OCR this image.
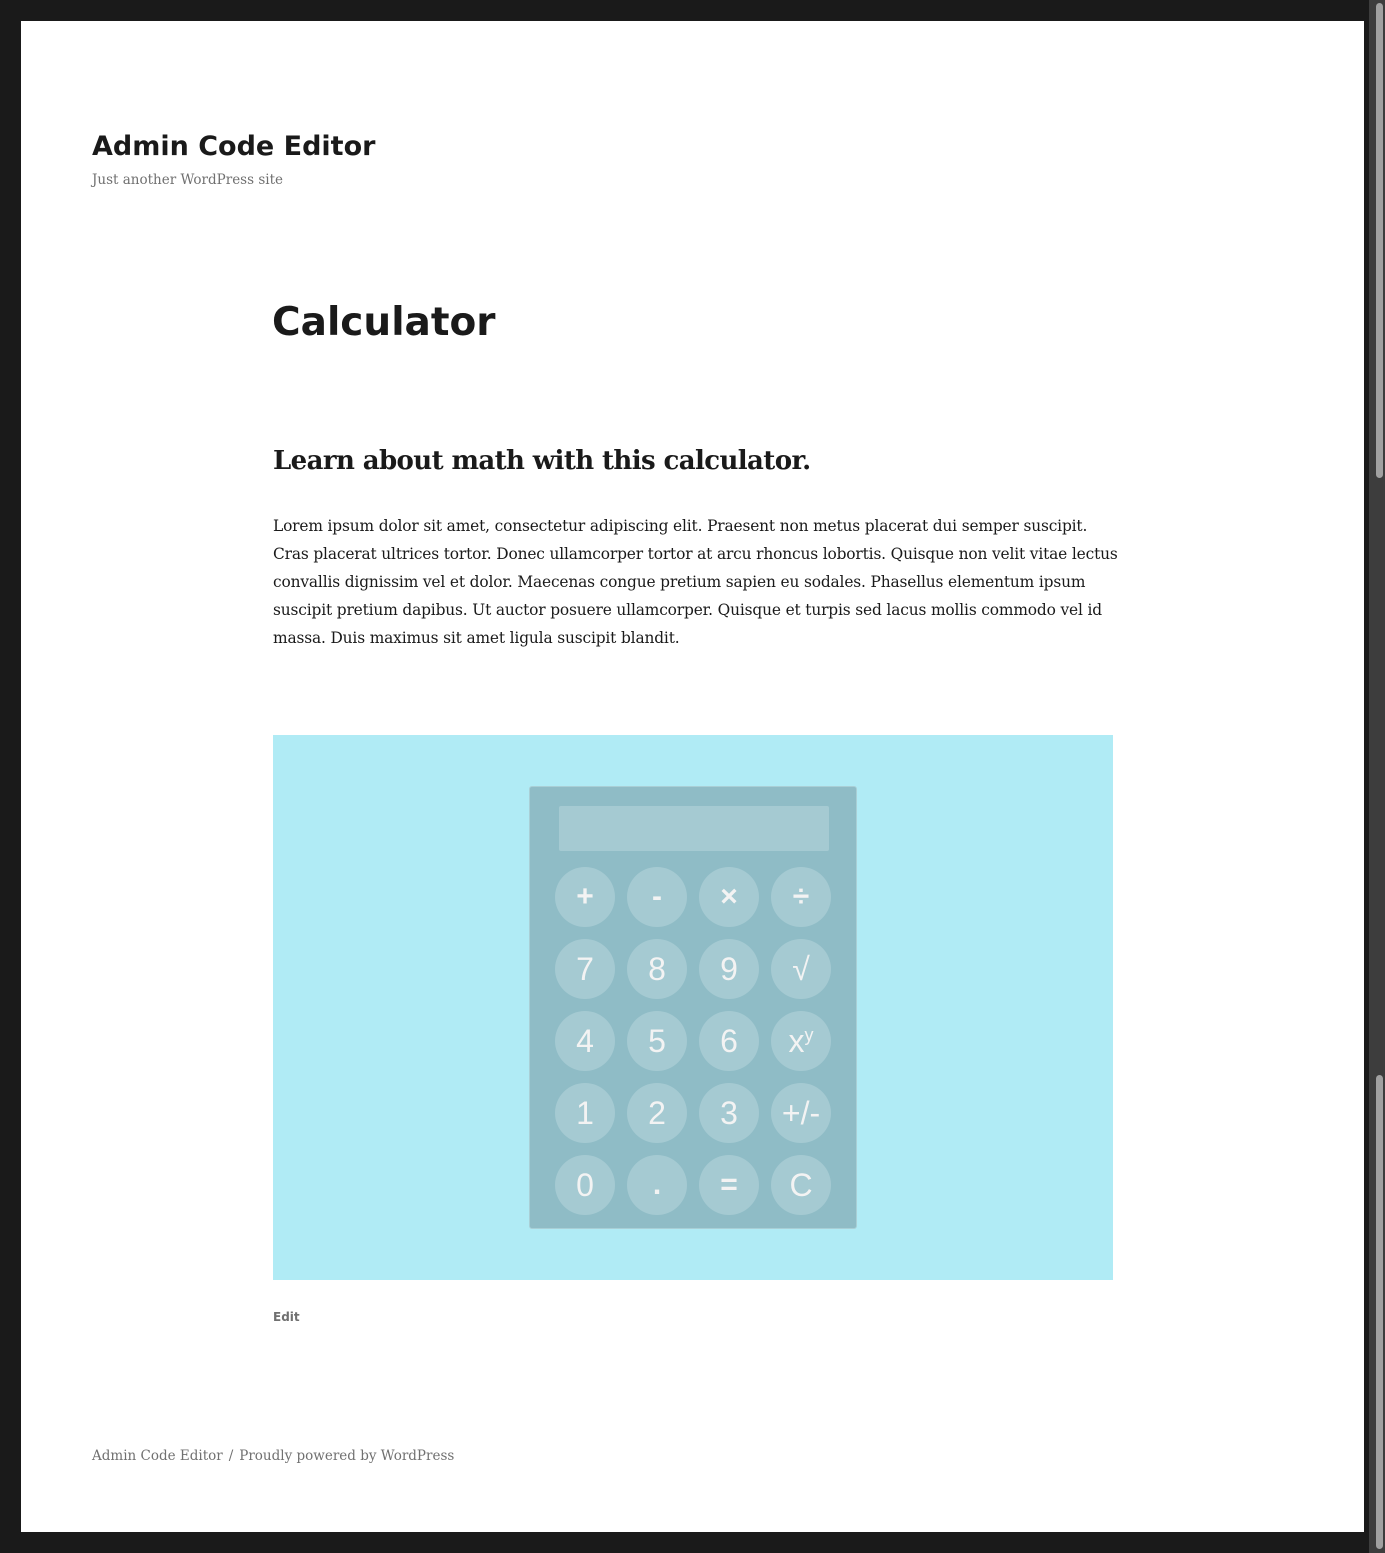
Admin Code Editor
Just another WordPress site
Calculator
Learn about math with this calculator.

Lorem ipsum dolor sit amet, consectetur adipiscing elit. Praesent non metus placerat dui semper suscipit. Cras placerat ultrices tortor. Donec ullamcorper tortor at arcu rhoncus lobortis. Quisque non velit vitae lectus convallis dignissim vel et dolor. Maecenas congue pretium sapien eu sodales. Phasellus elementum ipsum suscipit pretium dapibus. Ut auctor posuere ullamcorper. Quisque et turpis sed lacus mollis commodo vel id massa. Duis maximus sit amet ligula suscipit blandit.

+	-	×	÷
7	8	9	√
4	5	6	$x^y$
1	2	3	+/-
0	.	=	C
Edit
Admin Code Editor / Proudly powered by WordPress
